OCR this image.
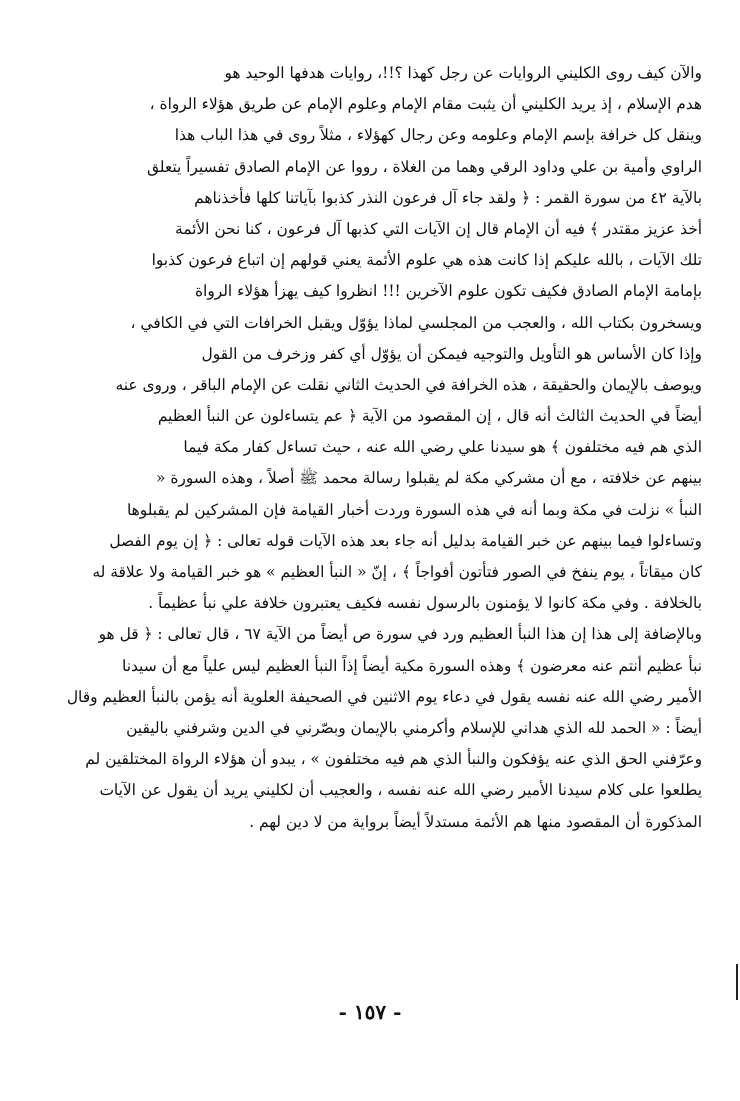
والآن كيف روى الكليني الروايات عن رجل كهذا ؟!!، روايات هدفها الوحيد هو
هدم الإسلام ، إذ يريد الكليني أن يثبت مقام الإمام وعلوم الإمام عن طريق هؤلاء الرواة ،
وينقل كل خرافة بإسم الإمام وعلومه وعن رجال كهؤلاء ، مثلاً روى في هذا الباب هذا
الراوي وأمية بن علي وداود الرقي وهما من الغلاة ، رووا عن الإمام الصادق تفسيراً يتعلق
بالآية ٤٢ من سورة القمر : ﴿ ولقد جاء آل فرعون النذر كذبوا بآياتنا كلها فأخذناهم
أخذ عزيز مقتدر ﴾ فيه أن الإمام قال إن الآيات التي كذبها آل فرعون ، كنا نحن الأئمة
تلك الآيات ، بالله عليكم إذا كانت هذه هي علوم الأئمة يعني قولهم إن اتباع فرعون كذبوا
بإمامة الإمام الصادق فكيف تكون علوم الآخرين !!! انظروا كيف يهزأ هؤلاء الرواة
ويسخرون بكتاب الله ، والعجب من المجلسي لماذا يؤوّل ويقبل الخرافات التي في الكافي ،
وإذا كان الأساس هو التأويل والتوجيه فيمكن أن يؤوّل أي كفر وزخرف من القول
ويوصف بالإيمان والحقيقة ، هذه الخرافة في الحديث الثاني نقلت عن الإمام الباقر ، وروى عنه
أيضاً في الحديث الثالث أنه قال ، إن المقصود من الآية ﴿ عم يتساءلون عن النبأ العظيم
الذي هم فيه مختلفون ﴾ هو سيدنا علي رضي الله عنه ، حيث تساءل كفار مكة فيما
بينهم عن خلافته ، مع أن مشركي مكة لم يقبلوا رسالة محمد ﷺ أصلاً ، وهذه السورة «
النبأ » نزلت في مكة وبما أنه في هذه السورة وردت أخبار القيامة فإن المشركين لم يقبلوها
وتساءلوا فيما بينهم عن خبر القيامة بدليل أنه جاء بعد هذه الآيات قوله تعالى : ﴿ إن يوم الفصل
كان ميقاتاً ، يوم ينفخ في الصور فتأتون أفواجاً ﴾ ، إنّ « النبأ العظيم » هو خبر القيامة ولا علاقة له
بالخلافة . وفي مكة كانوا لا يؤمنون بالرسول نفسه فكيف يعتبرون خلافة علي نبأ عظيماً .
وبالإضافة إلى هذا إن هذا النبأ العظيم ورد في سورة ص أيضاً من الآية ٦٧ ، قال تعالى : ﴿ قل هو
نبأ عظيم أنتم عنه معرضون ﴾ وهذه السورة مكية أيضاً إذاً النبأ العظيم ليس علياً مع أن سيدنا
الأمير رضي الله عنه نفسه يقول في دعاء يوم الاثنين في الصحيفة العلوية أنه يؤمن بالنبأ العظيم وقال
أيضاً : « الحمد لله الذي هداني للإسلام وأكرمني بالإيمان وبصّرني في الدين وشرفني باليقين
وعرّفني الحق الذي عنه يؤفكون والنبأ الذي هم فيه مختلفون » ، يبدو أن هؤلاء الرواة المختلقين لم
يطلعوا على كلام سيدنا الأمير رضي الله عنه نفسه ، والعجيب أن لكليني يريد أن يقول عن الآيات
المذكورة أن المقصود منها هم الأئمة مستدلاً أيضاً برواية من لا دين لهم .
- ١٥٧ -
